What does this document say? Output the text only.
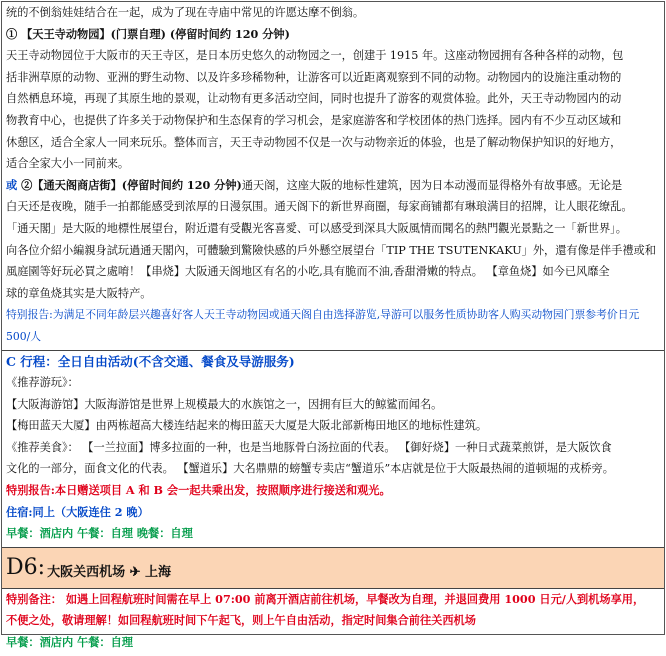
统的不倒翁娃娃结合在一起，成为了现在寺庙中常见的许愿达摩不倒翁。
① 【天王寺动物园】(门票自理) (停留时间约 120 分钟)
天王寺动物园位于大阪市的天王寺区，是日本历史悠久的动物园之一，创建于 1915 年。这座动物园拥有各种各样的动物，包
括非洲草原的动物、亚洲的野生动物、以及许多珍稀物种，让游客可以近距离观察到不同的动物。动物园内的设施注重动物的
自然栖息环境，再现了其原生地的景观，让动物有更多活动空间，同时也提升了游客的观赏体验。此外，天王寺动物园内的动
物教育中心，也提供了许多关于动物保护和生态保育的学习机会，是家庭游客和学校团体的热门选择。园内有不少互动区域和
休憩区，适合全家人一同来玩乐。整体而言，天王寺动物园不仅是一次与动物亲近的体验，也是了解动物保护知识的好地方，
适合全家大小一同前来。
或 ②【通天阁商店街】(停留时间约 120 分钟)通天阁，这座大阪的地标性建筑，因为日本动漫而显得格外有故事感。无论是
白天还是夜晚，随手一拍都能感受到浓厚的日漫氛围。通天阁下的新世界商圈，每家商铺都有琳琅满目的招牌，让人眼花缭乱。
「通天閣」是大阪的地標性展望台，附近還有受觀光客喜愛、可以感受到深具大阪風情而聞名的熱門觀光景點之一「新世界」。
向各位介紹小編親身試玩過通天閣內，可體驗到驚險快感的戶外懸空展望台「TIP THE TSUTENKAKU」外，還有像是伴手禮或和
風庭園等好玩必買之處唷！【串烧】大阪通天阁地区有名的小吃,具有脆而不油,香甜滑嫩的特点。 【章鱼烧】如今已风靡全
球的章鱼烧其实是大阪特产。
特别报告:为满足不同年龄层兴趣喜好客人天王寺动物园或通天阁自由选择游览,导游可以服务性质协助客人购买动物园门票参考价日元 500/人
C 行程：全日自由活动(不含交通、餐食及导游服务)
《推荐游玩》：
【大阪海游馆】大阪海游馆是世界上规模最大的水族馆之一，因拥有巨大的鲸鲨而闻名。
【梅田蓝天大厦】由两栋超高大楼连结起来的梅田蓝天大厦是大阪北部新梅田地区的地标性建筑。
《推荐美食》： 【一兰拉面】博多拉面的一种，也是当地豚骨白汤拉面的代表。 【御好烧】一种日式蔬菜煎饼，是大阪饮食
文化的一部分，面食文化的代表。 【蟹道乐】大名鼎鼎的螃蟹专卖店“蟹道乐”本店就是位于大阪最热闹的道顿堀的戎桥旁。
特别报告:本日赠送项目 A 和 B 会一起共乘出发，按照顺序进行接送和观光。
住宿:同上（大阪连住 2 晚）
早餐：酒店内 午餐：自理 晚餐：自理
D6: 大阪关西机场 ✈ 上海
特别备注： 如遇上回程航班时间需在早上 07:00 前离开酒店前往机场，早餐改为自理，并退回费用 1000 日元/人到机场享用，
不便之处，敬请理解！如回程航班时间下午起飞，则上午自由活动，指定时间集合前往关西机场
早餐：酒店内 午餐：自理
